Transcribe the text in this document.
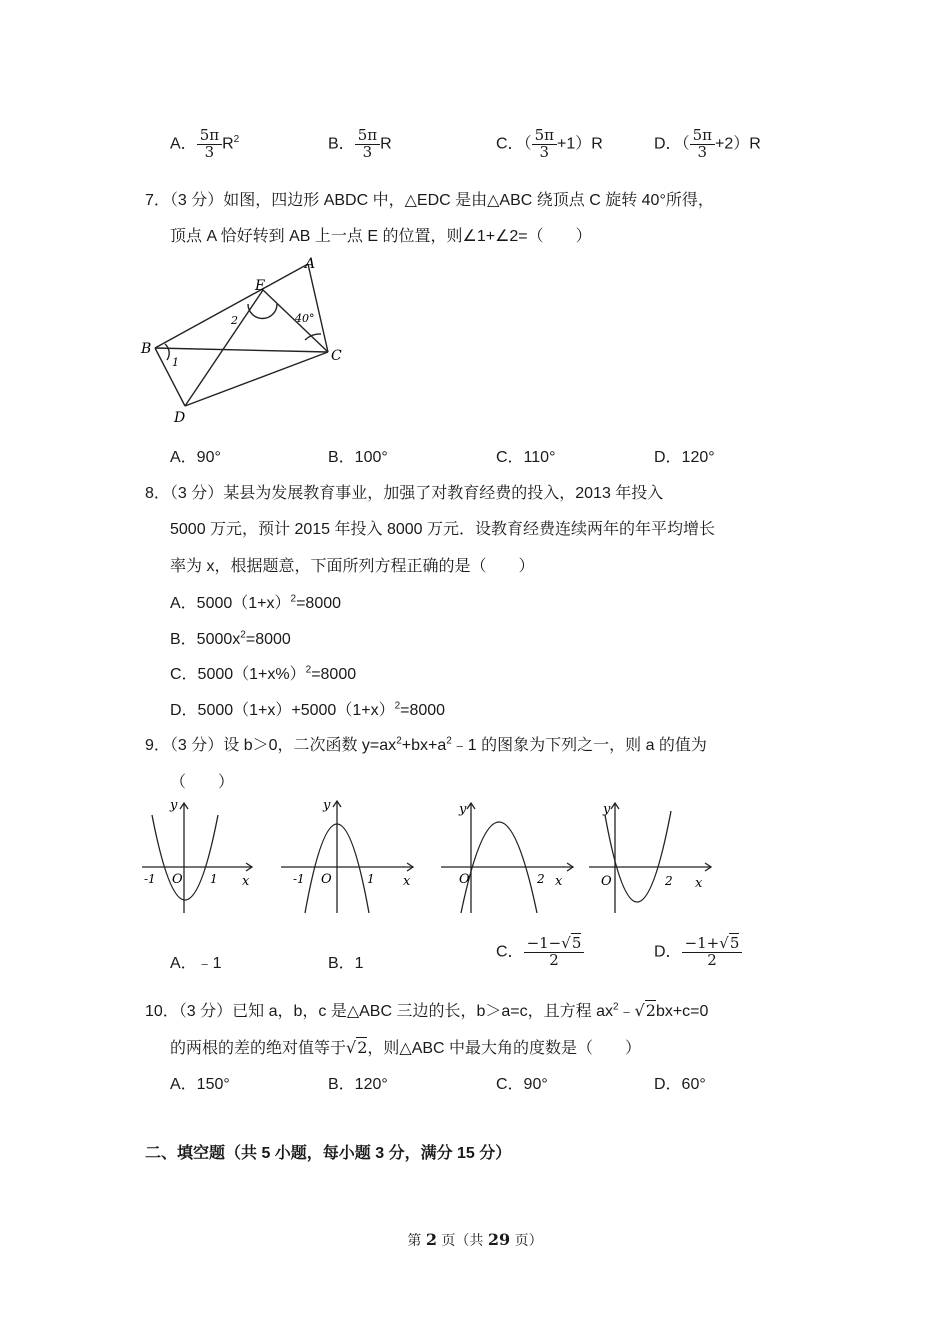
A． $\frac{5\pi}{3} R^2$	B． $\frac{5\pi}{3}$ R	C．（ $\frac{5\pi}{3} +1)R$	D．（ $\frac{5\pi}{3} +2)R$
7．（3 分）如图，四边形 ABDC 中，△EDC 是由△ABC 绕顶点 C 旋转 40°所得，
顶点 A 恰好转到 AB 上一点 E 的位置，则∠1+∠2=（　　）
A
B	C
D
E
1
2	40°
A．90°	B．100°	C．110°	D．120°
8．（3 分）某县为发展教育事业，加强了对教育经费的投入，2013 年投入
5000 万元，预计 2015 年投入 8000 万元．设教育经费连续两年的年平均增长
率为 x，根据题意，下面所列方程正确的是（　　）
A．$5000(1+x)^2=8000$
B．$5000x^2=8000$
C．$5000(1+x\%)^2=8000$
D．$5000(1+x)+5000(1+x)^2=8000$
9．（3 分）设 b＞0，二次函数 $y=ax^2+bx+a^2﹣1$ 的图象为下列之一，则 a 的值为
（　　）
y
x
O
-1	1
y
x
O
-1	1
y
x
O	2
y
x
O	2
A．﹣1	B．1
C． $\frac{-1-√5}{2}$	D． $\frac{-1+√5}{2}$
10．（3 分）已知 a，b，c 是△ABC 三边的长，b＞a=c，且方程 $ax^2﹣√2bx+c=0$
的两根的差的绝对值等于√2，则△ABC 中最大角的度数是（　　）
A．150°	B．120°	C．90°	D．60°
二、填空题（共 5 小题，每小题 3 分，满分 15 分）
第 2 页（共 29 页）
